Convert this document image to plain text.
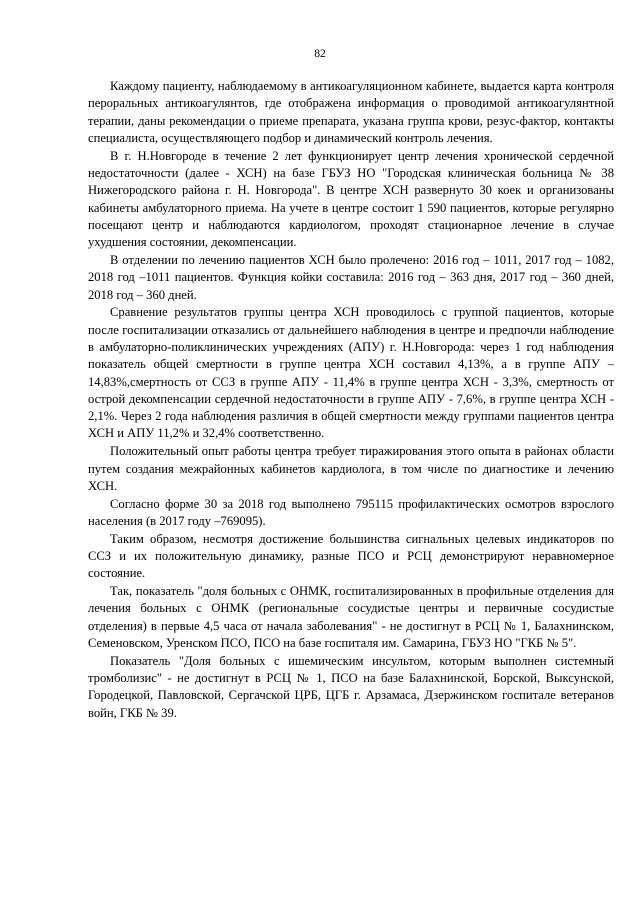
82

Каждому пациенту, наблюдаемому в антикоагуляционном кабинете, выдается карта контроля пероральных антикоагулянтов, где отображена информация о проводимой антикоагулянтной терапии, даны рекомендации о приеме препарата, указана группа крови, резус-фактор, контакты специалиста, осуществляющего подбор и динамический контроль лечения.

В г. Н.Новгороде в течение 2 лет функционирует центр лечения хронической сердечной недостаточности (далее - ХСН) на базе ГБУЗ НО "Городская клиническая больница № 38 Нижегородского района г. Н. Новгорода". В центре ХСН развернуто 30 коек и организованы кабинеты амбулаторного приема. На учете в центре состоит 1 590 пациентов, которые регулярно посещают центр и наблюдаются кардиологом, проходят стационарное лечение в случае ухудшения состоянии, декомпенсации.

В отделении по лечению пациентов ХСН было пролечено: 2016 год – 1011, 2017 год – 1082, 2018 год –1011 пациентов. Функция койки составила: 2016 год – 363 дня, 2017 год – 360 дней, 2018 год – 360 дней.

Сравнение результатов группы центра ХСН проводилось с группой пациентов, которые после госпитализации отказались от дальнейшего наблюдения в центре и предпочли наблюдение в амбулаторно-поликлинических учреждениях (АПУ) г. Н.Новгорода: через 1 год наблюдения показатель общей смертности в группе центра ХСН составил 4,13%, а в группе АПУ – 14,83%,смертность от ССЗ в группе АПУ - 11,4% в группе центра ХСН - 3,3%, смертность от острой декомпенсации сердечной недостаточности в группе АПУ - 7,6%, в группе центра ХСН - 2,1%. Через 2 года наблюдения различия в общей смертности между группами пациентов центра ХСН и АПУ 11,2% и 32,4% соответственно.

Положительный опыт работы центра требует тиражирования этого опыта в районах области путем создания межрайонных кабинетов кардиолога, в том числе по диагностике и лечению ХСН.

Согласно форме 30 за 2018 год выполнено 795115 профилактических осмотров взрослого населения (в 2017 году –769095).

Таким образом, несмотря достижение большинства сигнальных целевых индикаторов по ССЗ и их положительную динамику, разные ПСО и РСЦ демонстрируют неравномерное состояние.

Так, показатель "доля больных с ОНМК, госпитализированных в профильные отделения для лечения больных с ОНМК (региональные сосудистые центры и первичные сосудистые отделения) в первые 4,5 часа от начала заболевания" - не достигнут в РСЦ № 1, Балахнинском, Семеновском, Уренском ПСО, ПСО на базе госпиталя им. Самарина, ГБУЗ НО "ГКБ № 5".

Показатель "Доля больных с ишемическим инсультом, которым выполнен системный тромболизис" - не достигнут в РСЦ № 1, ПСО на базе Балахнинской, Борской, Выксунской, Городецкой, Павловской, Сергачской ЦРБ, ЦГБ г. Арзамаса, Дзержинском госпитале ветеранов войн, ГКБ № 39.
